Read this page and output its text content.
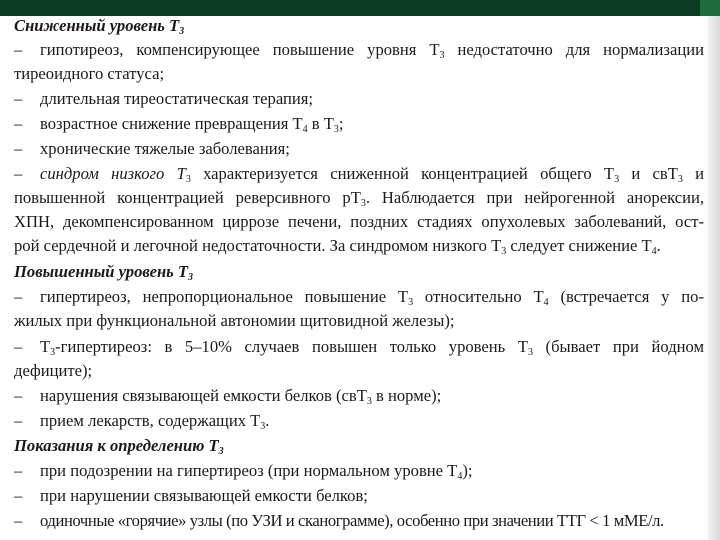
Сниженный уровень $Т_3$
– гипотиреоз, компенсирующее повышение уровня $Т_3$ недостаточно для нормализации
тиреоидного статуса;
– длительная тиреостатическая терапия;
– возрастное снижение превращения $Т_4$ в $Т_3$;
– хронические тяжелые заболевания;
– синдром низкого $Т_3$ характеризуется сниженной концентрацией общего $Т_3$ и свТ$_3$ и
повышенной концентрацией реверсивного $рТ_3$. Наблюдается при нейрогенной анорексии,
ХПН, декомпенсированном циррозе печени, поздних стадиях опухолевых заболеваний, ост-
рой сердечной и легочной недостаточности. За синдромом низкого $Т_3$ следует снижение $Т_4$.
Повышенный уровень $Т_3$
– гипертиреоз, непропорциональное повышение $Т_3$ относительно $Т_4$ (встречается у по-
жилых при функциональной автономии щитовидной железы);
– $Т_3$-гипертиреоз: в 5–10% случаев повышен только уровень $Т_3$ (бывает при йодном
дефиците);
– нарушения связывающей емкости белков (свТ$_3$ в норме);
– прием лекарств, содержащих $Т_3$.
Показания к определению $Т_3$
– при подозрении на гипертиреоз (при нормальном уровне $Т_4$);
– при нарушении связывающей емкости белков;
– одиночные «горячие» узлы (по УЗИ и сканограмме), особенно при значении ТТГ < 1 мМЕ/л.
